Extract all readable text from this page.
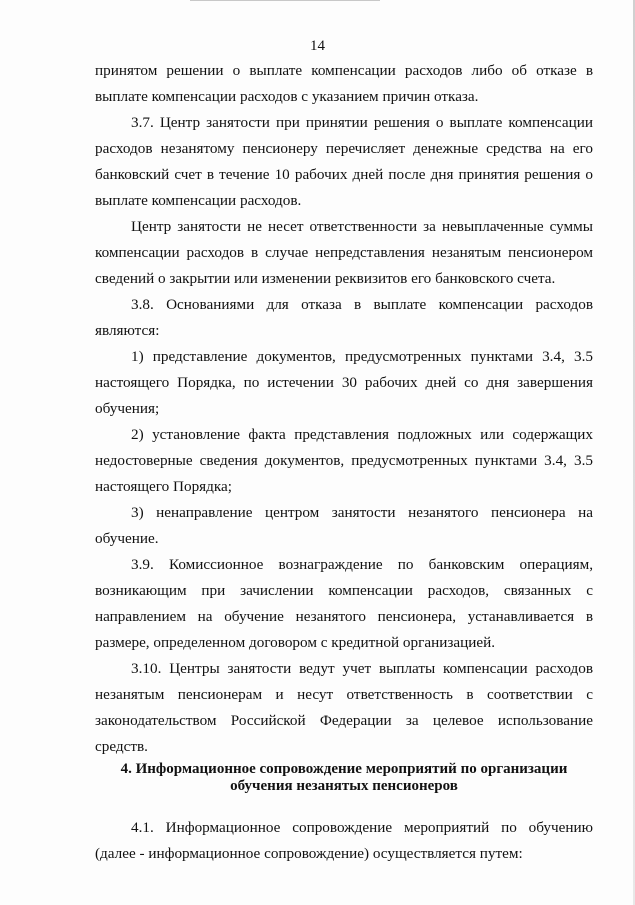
14

принятом решении о выплате компенсации расходов либо об отказе в выплате компенсации расходов с указанием причин отказа.

3.7. Центр занятости при принятии решения о выплате компенсации расходов незанятому пенсионеру перечисляет денежные средства на его банковский счет в течение 10 рабочих дней после дня принятия решения о выплате компенсации расходов.

Центр занятости не несет ответственности за невыплаченные суммы компенсации расходов в случае непредставления незанятым пенсионером сведений о закрытии или изменении реквизитов его банковского счета.

3.8. Основаниями для отказа в выплате компенсации расходов являются:

1) представление документов, предусмотренных пунктами 3.4, 3.5 настоящего Порядка, по истечении 30 рабочих дней со дня завершения обучения;

2) установление факта представления подложных или содержащих недостоверные сведения документов, предусмотренных пунктами 3.4, 3.5 настоящего Порядка;

3) ненаправление центром занятости незанятого пенсионера на обучение.

3.9. Комиссионное вознаграждение по банковским операциям, возникающим при зачислении компенсации расходов, связанных с направлением на обучение незанятого пенсионера, устанавливается в размере, определенном договором с кредитной организацией.

3.10. Центры занятости ведут учет выплаты компенсации расходов незанятым пенсионерам и несут ответственность в соответствии с законодательством Российской Федерации за целевое использование средств.

4. Информационное сопровождение мероприятий по организации
обучения незанятых пенсионеров

4.1. Информационное сопровождение мероприятий по обучению (далее - информационное сопровождение) осуществляется путем:
